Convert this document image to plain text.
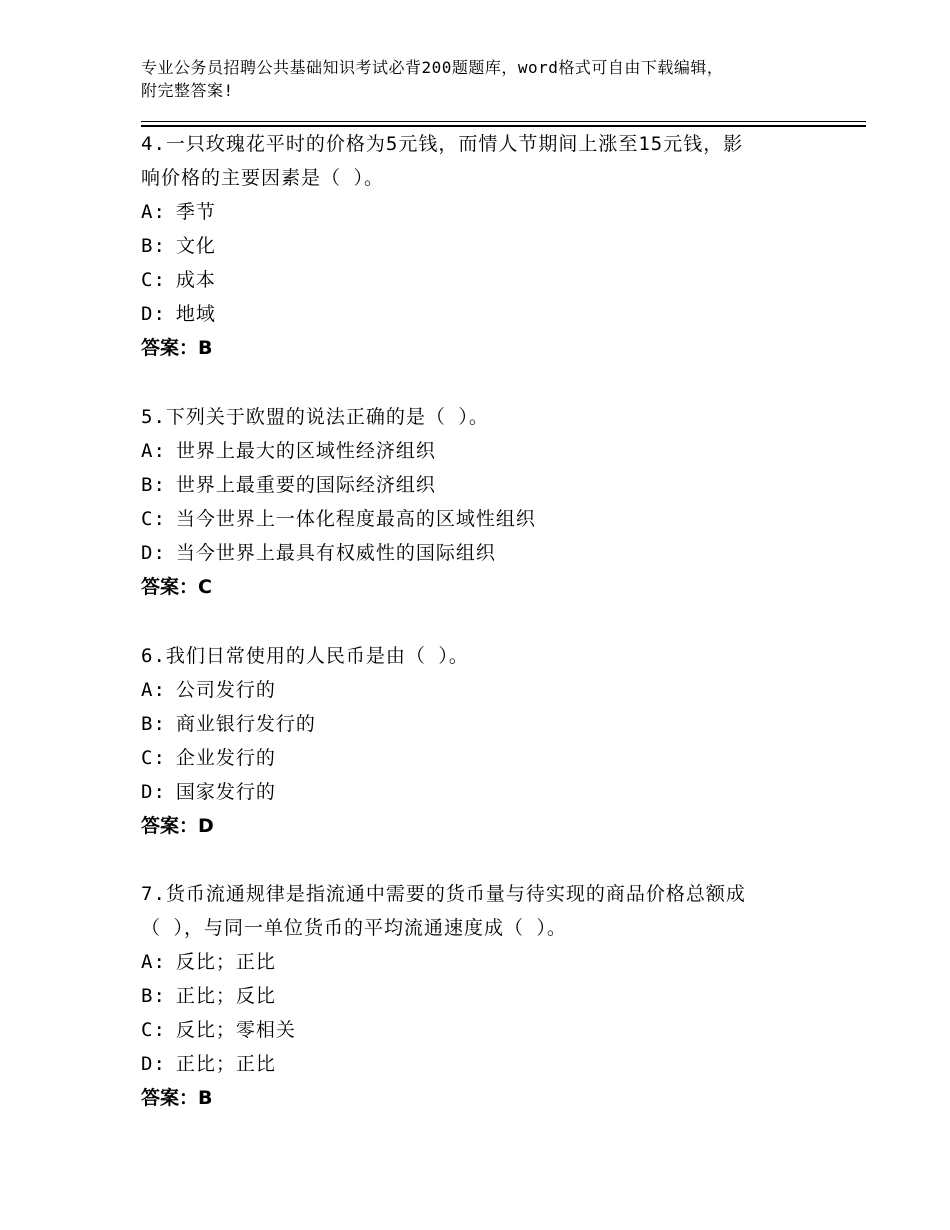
专业公务员招聘公共基础知识考试必背200题题库，word格式可自由下载编辑，
附完整答案!

4.一只玫瑰花平时的价格为5元钱，而情人节期间上涨至15元钱，影

响价格的主要因素是（ ）。

A: 季节

B: 文化

C: 成本

D: 地域

答案：B

5.下列关于欧盟的说法正确的是（ ）。

A: 世界上最大的区域性经济组织

B: 世界上最重要的国际经济组织

C: 当今世界上一体化程度最高的区域性组织

D: 当今世界上最具有权威性的国际组织

答案：C

6.我们日常使用的人民币是由（ ）。

A: 公司发行的

B: 商业银行发行的

C: 企业发行的

D: 国家发行的

答案：D

7.货币流通规律是指流通中需要的货币量与待实现的商品价格总额成

（ ），与同一单位货币的平均流通速度成（ ）。

A: 反比；正比

B: 正比；反比

C: 反比；零相关

D: 正比；正比

答案：B
